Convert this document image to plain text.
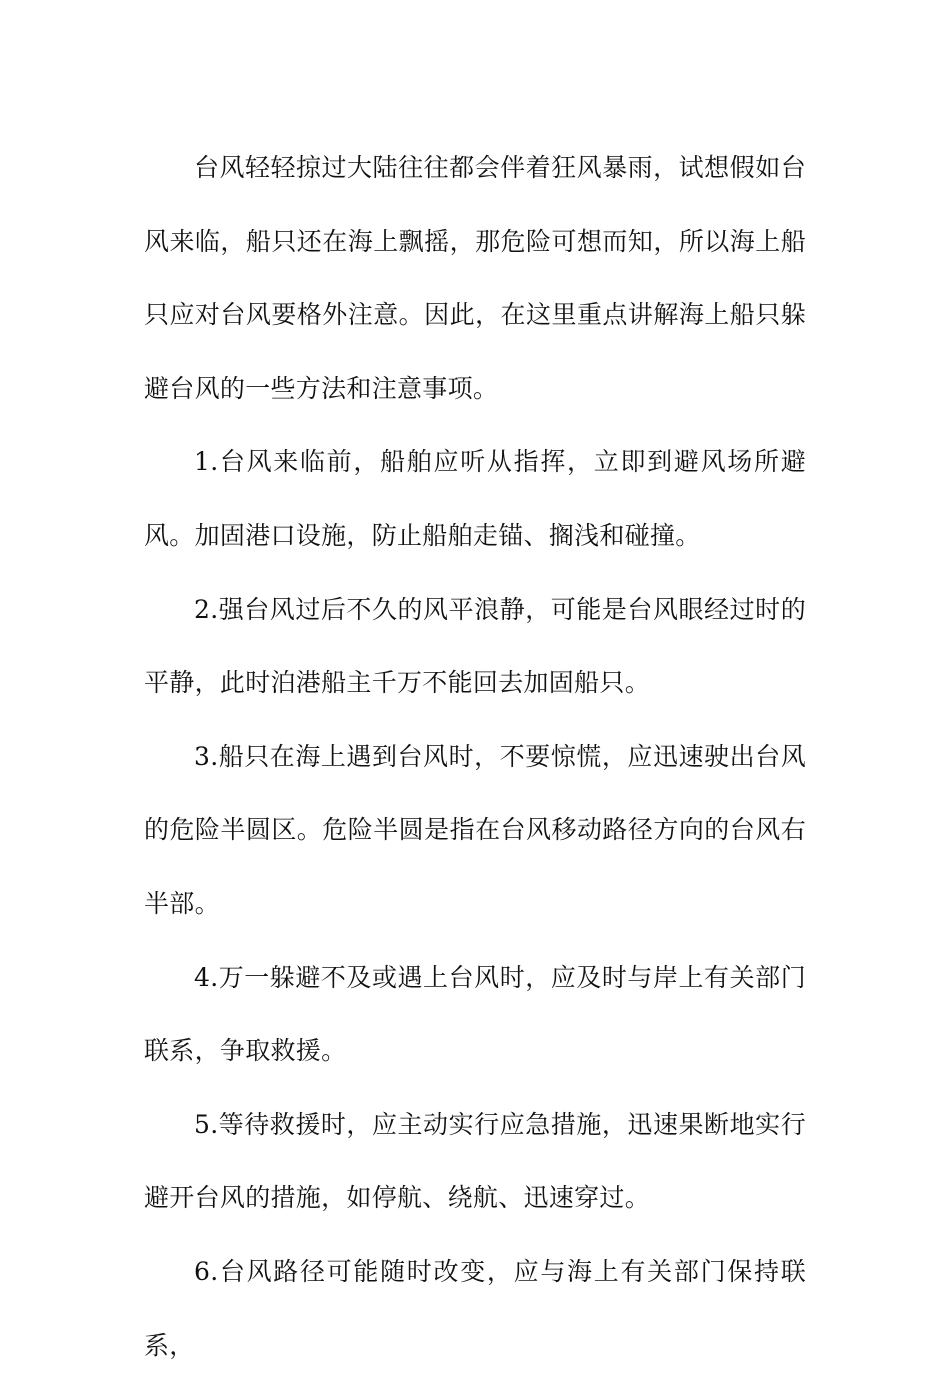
台风轻轻掠过大陆往往都会伴着狂风暴雨，试想假如台风来临，船只还在海上飘摇，那危险可想而知，所以海上船只应对台风要格外注意。因此，在这里重点讲解海上船只躲避台风的一些方法和注意事项。

1.台风来临前，船舶应听从指挥，立即到避风场所避风。加固港口设施，防止船舶走锚、搁浅和碰撞。

2.强台风过后不久的风平浪静，可能是台风眼经过时的平静，此时泊港船主千万不能回去加固船只。

3.船只在海上遇到台风时，不要惊慌，应迅速驶出台风的危险半圆区。危险半圆是指在台风移动路径方向的台风右半部。

4.万一躲避不及或遇上台风时，应及时与岸上有关部门联系，争取救援。

5.等待救援时，应主动实行应急措施，迅速果断地实行避开台风的措施，如停航、绕航、迅速穿过。

6.台风路径可能随时改变，应与海上有关部门保持联系，
